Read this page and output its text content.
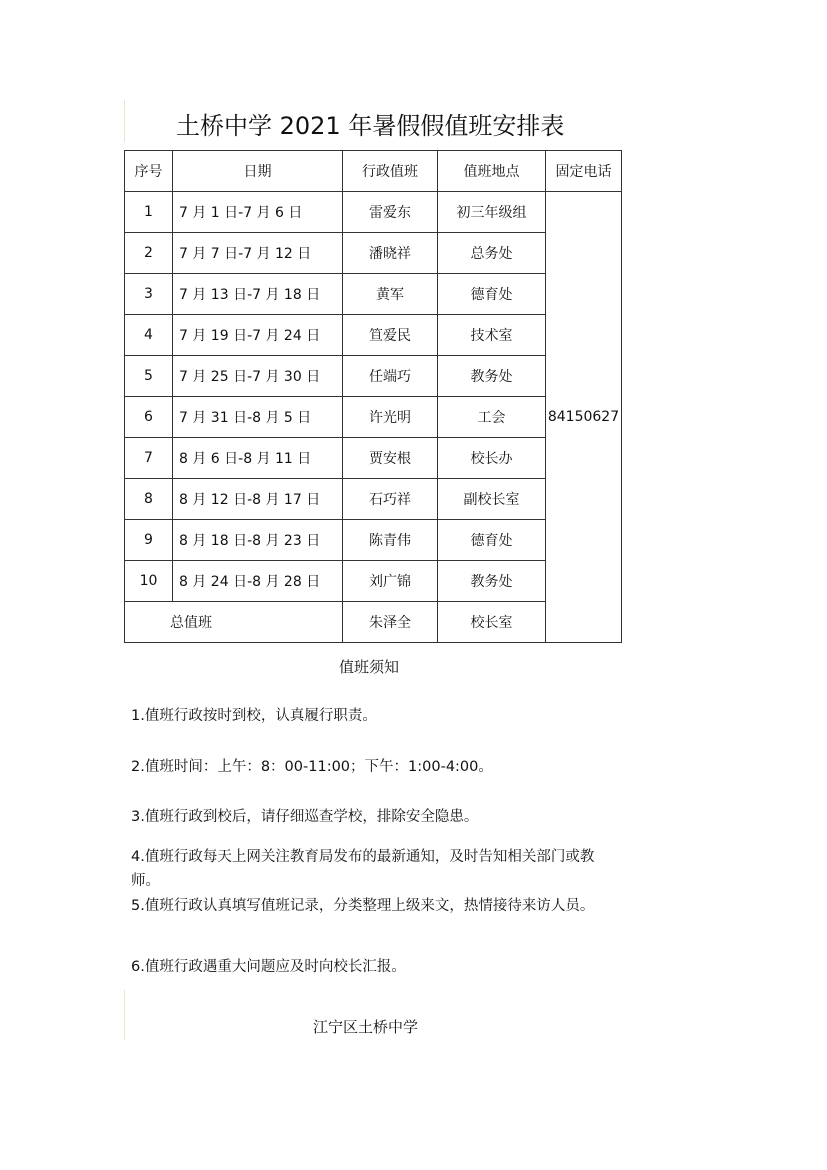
土桥中学 2021 年暑假假值班安排表
序号	日期	行政值班	值班地点	固定电话
1	7 月 1 日-7 月 6 日	雷爱东	初三年级组	84150627
2	7 月 7 日-7 月 12 日	潘晓祥	总务处	
3	7 月 13 日-7 月 18 日	黄军	德育处	
4	7 月 19 日-7 月 24 日	笪爱民	技术室	
5	7 月 25 日-7 月 30 日	任端巧	教务处	
6	7 月 31 日-8 月 5 日	许光明	工会	
7	8 月 6 日-8 月 11 日	贾安根	校长办	
8	8 月 12 日-8 月 17 日	石巧祥	副校长室	
9	8 月 18 日-8 月 23 日	陈青伟	德育处	
10	8 月 24 日-8 月 28 日	刘广锦	教务处	
总值班		朱泽全	校长室	
值班须知
1.值班行政按时到校，认真履行职责。
2.值班时间：上午：8：00-11:00；下午：1:00-4:00。
3.值班行政到校后，请仔细巡查学校，排除安全隐患。
4.值班行政每天上网关注教育局发布的最新通知，及时告知相关部门或教师。
5.值班行政认真填写值班记录，分类整理上级来文，热情接待来访人员。
6.值班行政遇重大问题应及时向校长汇报。
江宁区土桥中学
